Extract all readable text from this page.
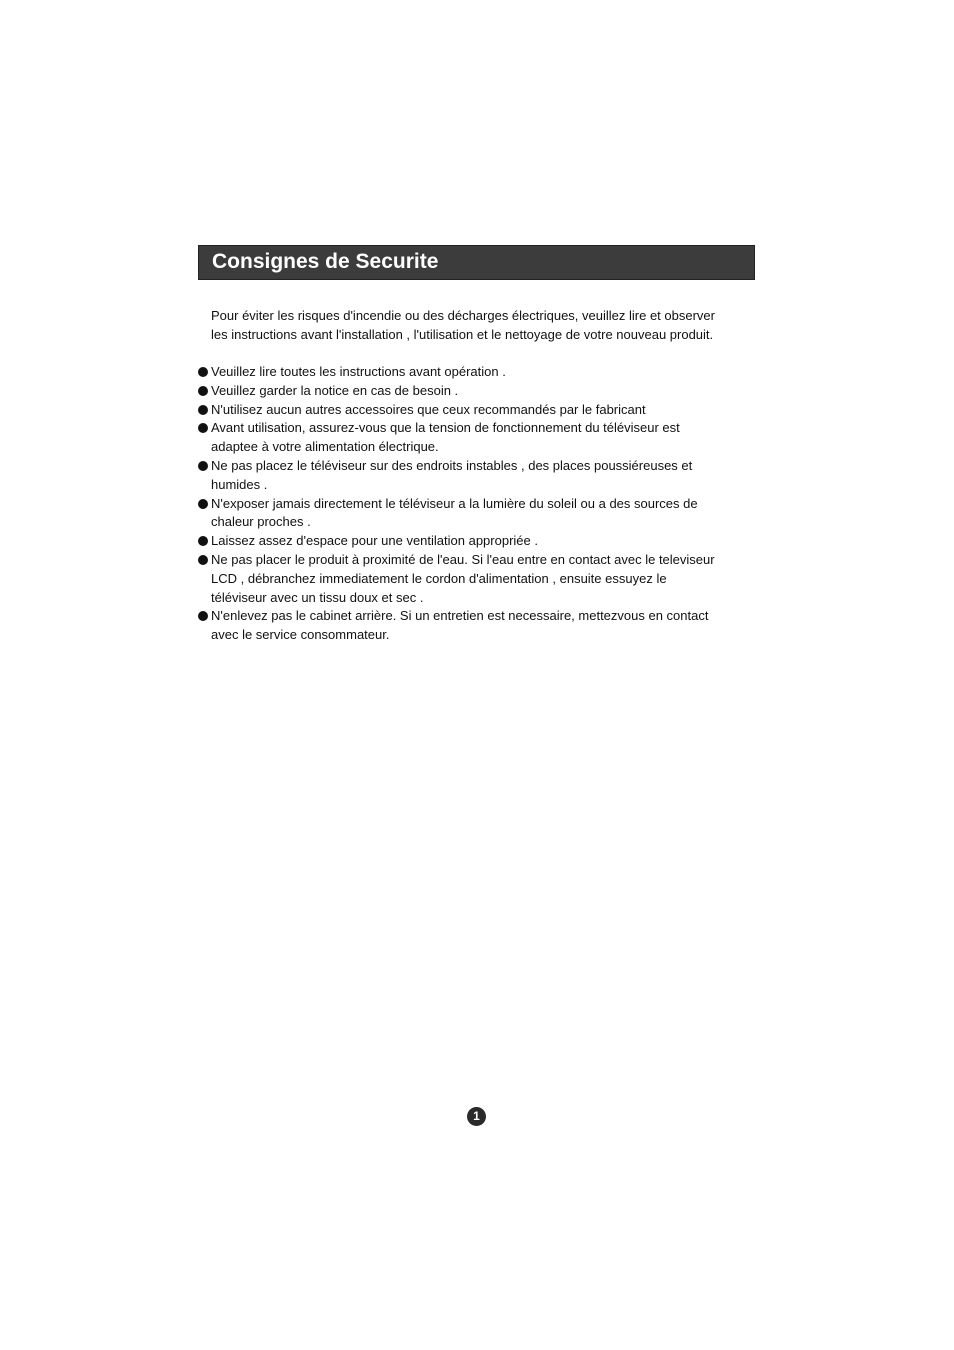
Consignes de Securite

Pour éviter les risques d'incendie ou des décharges électriques, veuillez lire et observer
les instructions avant l'installation , l'utilisation et le nettoyage de votre nouveau produit.

Veuillez lire toutes les instructions avant opération .
Veuillez garder la notice en cas de besoin .
N'utilisez aucun autres accessoires que ceux recommandés par le fabricant
Avant utilisation, assurez-vous que la tension de fonctionnement du téléviseur est
adaptee à votre alimentation électrique.
Ne pas placez le téléviseur sur des endroits instables , des places poussiéreuses et
humides .
N'exposer jamais directement le téléviseur a la lumière du soleil ou a des sources de
chaleur proches .
Laissez assez d'espace pour une ventilation appropriée .
Ne pas placer le produit à proximité de l'eau. Si l'eau entre en contact avec le televiseur
LCD , débranchez immediatement le cordon d'alimentation , ensuite essuyez le
téléviseur avec un tissu doux et sec .
N'enlevez pas le cabinet arrière. Si un entretien est necessaire, mettezvous en contact
avec le service consommateur.
1
